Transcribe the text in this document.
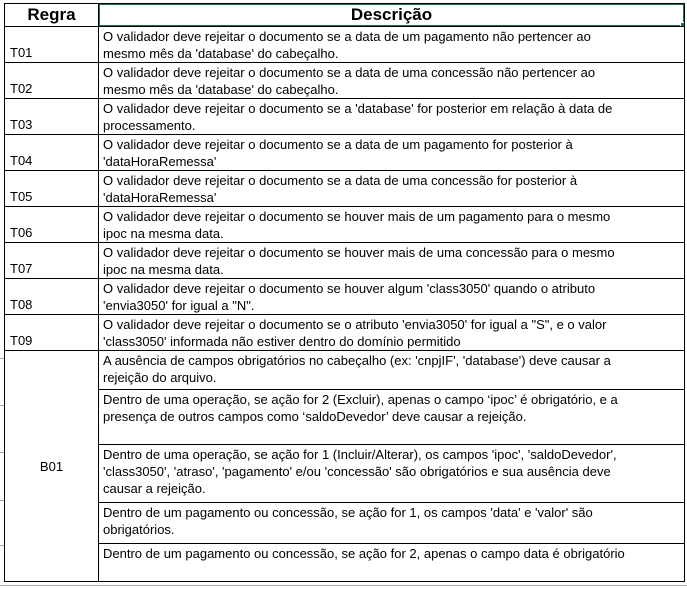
Regra	Descrição

T01	O validador deve rejeitar o documento se a data de um pagamento não pertencer ao
mesmo mês da 'database' do cabeçalho.

T02	O validador deve rejeitar o documento se a data de uma concessão não pertencer ao
mesmo mês da 'database' do cabeçalho.

T03	O validador deve rejeitar o documento se a 'database' for posterior em relação à data de
processamento.

T04	O validador deve rejeitar o documento se a data de um pagamento for posterior à
'dataHoraRemessa'

T05	O validador deve rejeitar o documento se a data de uma concessão for posterior à
'dataHoraRemessa'

T06	O validador deve rejeitar o documento se houver mais de um pagamento para o mesmo
ipoc na mesma data.

T07	O validador deve rejeitar o documento se houver mais de uma concessão para o mesmo
ipoc na mesma data.

T08	O validador deve rejeitar o documento se houver algum 'class3050' quando o atributo
'envia3050' for igual a "N".

T09	O validador deve rejeitar o documento se o atributo 'envia3050' for igual a "S", e o valor
'class3050' informada não estiver dentro do domínio permitido

B01	A ausência de campos obrigatórios no cabeçalho (ex: 'cnpjIF', 'database') deve causar a
rejeição do arquivo.

	Dentro de uma operação, se ação for 2 (Excluir), apenas o campo ‘ipoc’ é obrigatório, e a
presença de outros campos como ‘saldoDevedor’ deve causar a rejeição.

	Dentro de uma operação, se ação for 1 (Incluir/Alterar), os campos 'ipoc', 'saldoDevedor',
'class3050', 'atraso', 'pagamento' e/ou 'concessão' são obrigatórios e sua ausência deve
causar a rejeição.

	Dentro de um pagamento ou concessão, se ação for 1, os campos 'data' e 'valor' são
obrigatórios.

	Dentro de um pagamento ou concessão, se ação for 2, apenas o campo data é obrigatório
